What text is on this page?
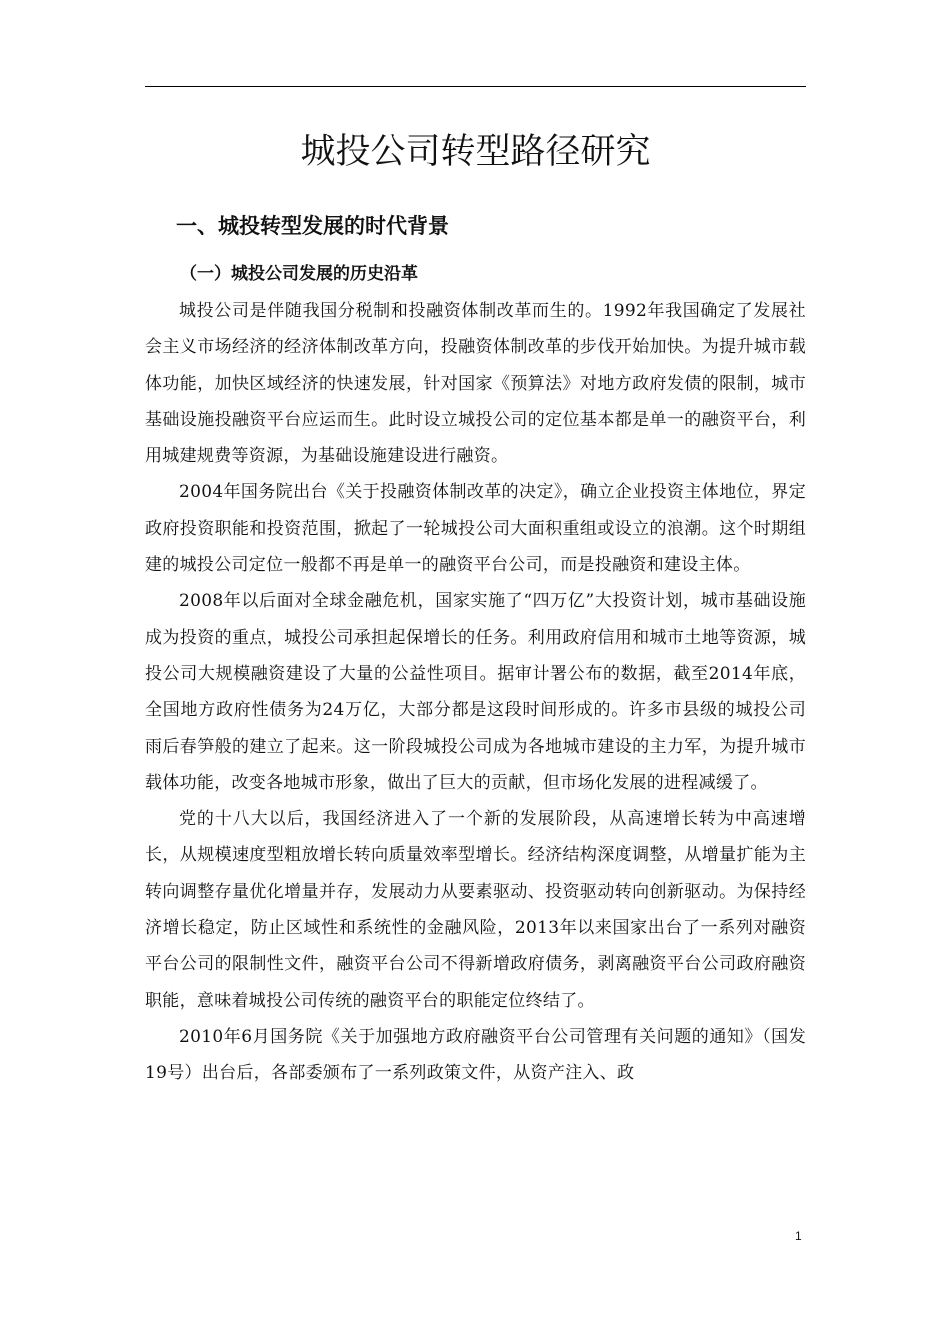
城投公司转型路径研究
一、城投转型发展的时代背景
（一）城投公司发展的历史沿革

城投公司是伴随我国分税制和投融资体制改革而生的。1992年我国确定了发展社会主义市场经济的经济体制改革方向，投融资体制改革的步伐开始加快。为提升城市载体功能，加快区域经济的快速发展，针对国家《预算法》对地方政府发债的限制，城市基础设施投融资平台应运而生。此时设立城投公司的定位基本都是单一的融资平台，利用城建规费等资源，为基础设施建设进行融资。

2004年国务院出台《关于投融资体制改革的决定》，确立企业投资主体地位，界定政府投资职能和投资范围，掀起了一轮城投公司大面积重组或设立的浪潮。这个时期组建的城投公司定位一般都不再是单一的融资平台公司，而是投融资和建设主体。

2008年以后面对全球金融危机，国家实施了“四万亿”大投资计划，城市基础设施成为投资的重点，城投公司承担起保增长的任务。利用政府信用和城市土地等资源，城投公司大规模融资建设了大量的公益性项目。据审计署公布的数据，截至2014年底，全国地方政府性债务为24万亿，大部分都是这段时间形成的。许多市县级的城投公司雨后春笋般的建立了起来。这一阶段城投公司成为各地城市建设的主力军，为提升城市载体功能，改变各地城市形象，做出了巨大的贡献，但市场化发展的进程减缓了。

党的十八大以后，我国经济进入了一个新的发展阶段，从高速增长转为中高速增长，从规模速度型粗放增长转向质量效率型增长。经济结构深度调整，从增量扩能为主转向调整存量优化增量并存，发展动力从要素驱动、投资驱动转向创新驱动。为保持经济增长稳定，防止区域性和系统性的金融风险，2013年以来国家出台了一系列对融资平台公司的限制性文件，融资平台公司不得新增政府债务，剥离融资平台公司政府融资职能，意味着城投公司传统的融资平台的职能定位终结了。

2010年6月国务院《关于加强地方政府融资平台公司管理有关问题的通知》（国发19号）出台后，各部委颁布了一系列政策文件，从资产注入、政

1
